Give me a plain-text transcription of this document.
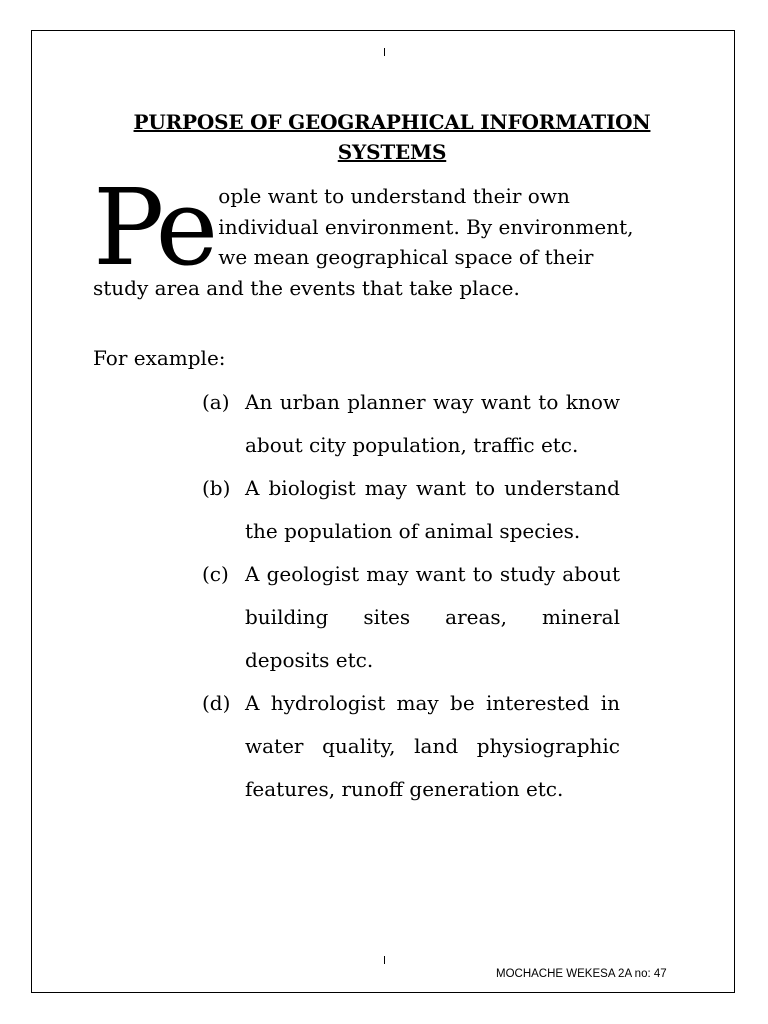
PURPOSE OF GEOGRAPHICAL INFORMATION SYSTEMS
Pe ople want to understand their own individual environment. By environment, we mean geographical space of their study area and the events that take place.
For example:
(a) An urban planner way want to know about city population, traffic etc.
(b) A biologist may want to understand the population of animal species.
(c) A geologist may want to study about building sites areas, mineral deposits etc.
(d) A hydrologist may be interested in water quality, land physiographic features, runoff generation etc.
MOCHACHE WEKESA 2A no: 47
